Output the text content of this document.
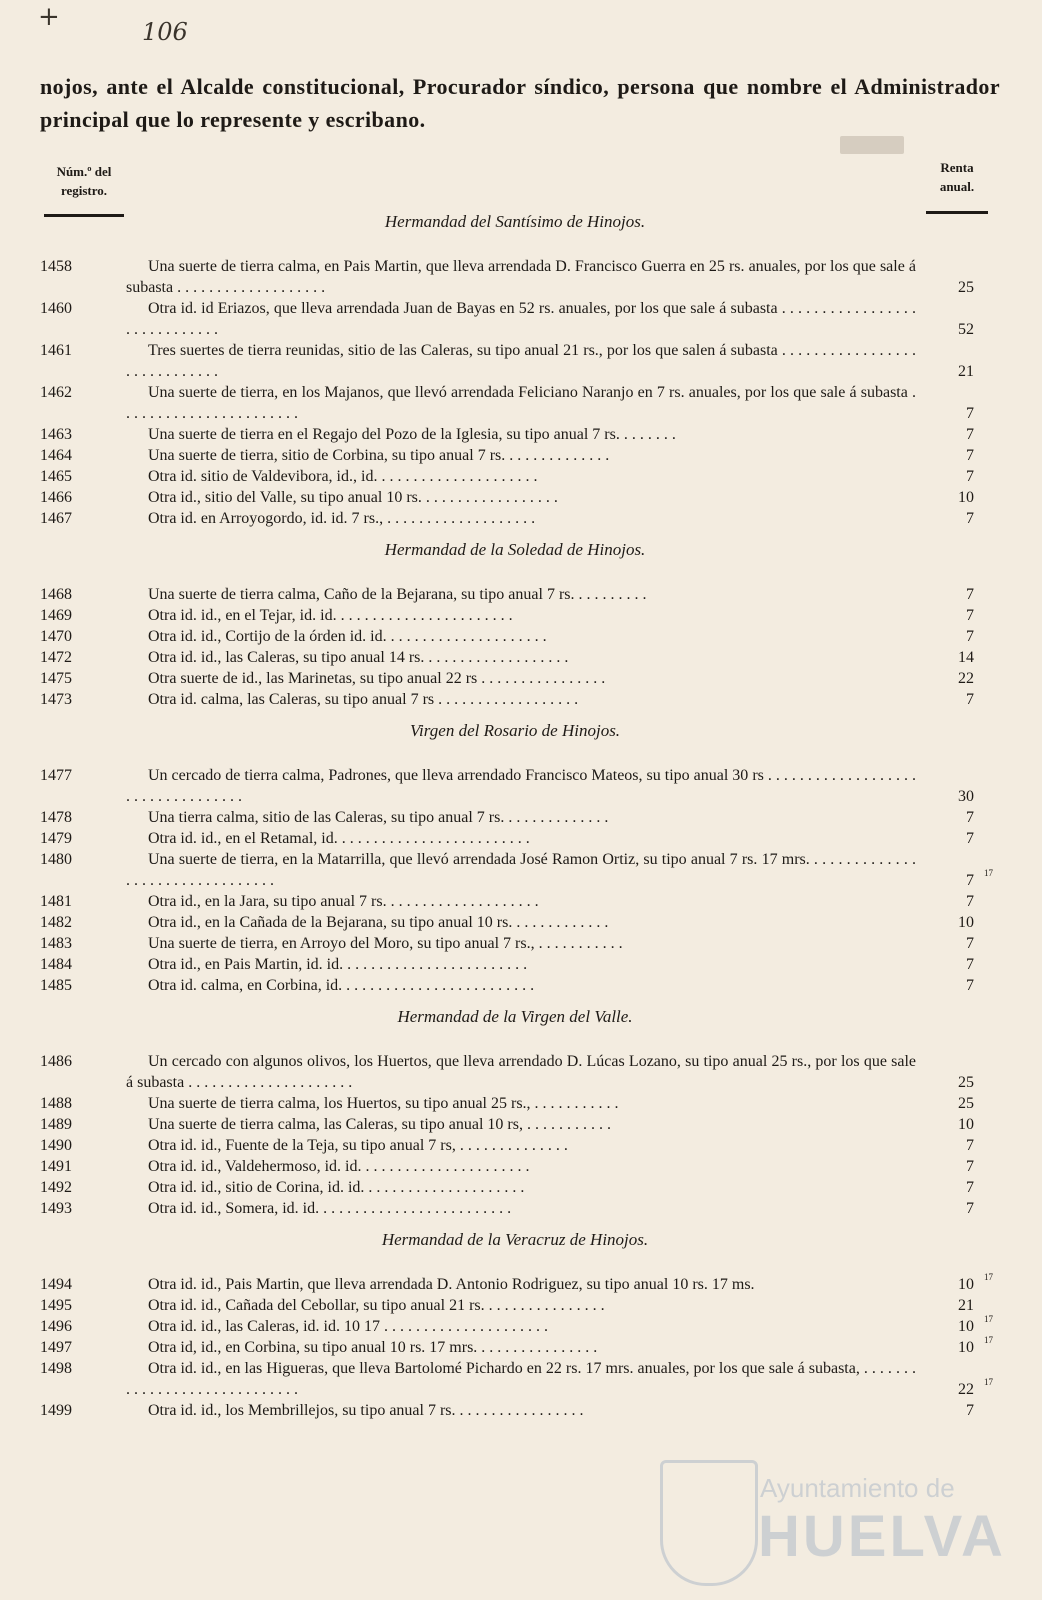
+	106
nojos, ante el Alcalde constitucional, Procurador síndico, persona que nombre el Administrador principal que lo represente y escribano.
Núm.º del registro.
Renta anual.
Hermandad del Santísimo de Hinojos.
1458	Una suerte de tierra calma, en Pais Martin, que lleva arrendada D. Francisco Guerra en 25 rs. anuales, por los que sale á subasta . . . . . . . . . . . . . . . . . . .	25
1460	Otra id. id Eriazos, que lleva arrendada Juan de Bayas en 52 rs. anuales, por los que sale á subasta . . . . . . . . . . . . . . . . . . . . . . . . . . . . .	52
1461	Tres suertes de tierra reunidas, sitio de las Caleras, su tipo anual 21 rs., por los que salen á subasta . . . . . . . . . . . . . . . . . . . . . . . . . . . . .	21
1462	Una suerte de tierra, en los Majanos, que llevó arrendada Feliciano Naranjo en 7 rs. anuales, por los que sale á subasta . . . . . . . . . . . . . . . . . . . . . . .	7
1463	Una suerte de tierra en el Regajo del Pozo de la Iglesia, su tipo anual 7 rs. . . . . . . .	7
1464	Una suerte de tierra, sitio de Corbina, su tipo anual 7 rs. . . . . . . . . . . . . .	7
1465	Otra id. sitio de Valdevibora, id., id. . . . . . . . . . . . . . . . . . . . .	7
1466	Otra id., sitio del Valle, su tipo anual 10 rs. . . . . . . . . . . . . . . . . .	10
1467	Otra id. en Arroyogordo, id. id. 7 rs., . . . . . . . . . . . . . . . . . . .	7
Hermandad de la Soledad de Hinojos.
1468	Una suerte de tierra calma, Caño de la Bejarana, su tipo anual 7 rs. . . . . . . . . .	7
1469	Otra id. id., en el Tejar, id. id. . . . . . . . . . . . . . . . . . . . . . .	7
1470	Otra id. id., Cortijo de la órden id. id. . . . . . . . . . . . . . . . . . . . .	7
1472	Otra id. id., las Caleras, su tipo anual 14 rs. . . . . . . . . . . . . . . . . . .	14
1475	Otra suerte de id., las Marinetas, su tipo anual 22 rs . . . . . . . . . . . . . . . .	22
1473	Otra id. calma, las Caleras, su tipo anual 7 rs . . . . . . . . . . . . . . . . . .	7
Virgen del Rosario de Hinojos.
1477	Un cercado de tierra calma, Padrones, que lleva arrendado Francisco Mateos, su tipo anual 30 rs . . . . . . . . . . . . . . . . . . . . . . . . . . . . . . . . . .	30
1478	Una tierra calma, sitio de las Caleras, su tipo anual 7 rs. . . . . . . . . . . . . .	7
1479	Otra id. id., en el Retamal, id. . . . . . . . . . . . . . . . . . . . . . . . .	7
1480	Una suerte de tierra, en la Matarrilla, que llevó arrendada José Ramon Ortiz, su tipo anual 7 rs. 17 mrs. . . . . . . . . . . . . . . . . . . . . . . . . . . . . . . . .	7 17
1481	Otra id., en la Jara, su tipo anual 7 rs. . . . . . . . . . . . . . . . . . . .	7
1482	Otra id., en la Cañada de la Bejarana, su tipo anual 10 rs. . . . . . . . . . . . .	10
1483	Una suerte de tierra, en Arroyo del Moro, su tipo anual 7 rs., . . . . . . . . . . .	7
1484	Otra id., en Pais Martin, id. id. . . . . . . . . . . . . . . . . . . . . . . .	7
1485	Otra id. calma, en Corbina, id. . . . . . . . . . . . . . . . . . . . . . . . .	7
Hermandad de la Virgen del Valle.
1486	Un cercado con algunos olivos, los Huertos, que lleva arrendado D. Lúcas Lozano, su tipo anual 25 rs., por los que sale á subasta . . . . . . . . . . . . . . . . . . . . .	25
1488	Una suerte de tierra calma, los Huertos, su tipo anual 25 rs., . . . . . . . . . . .	25
1489	Una suerte de tierra calma, las Caleras, su tipo anual 10 rs, . . . . . . . . . . .	10
1490	Otra id. id., Fuente de la Teja, su tipo anual 7 rs, . . . . . . . . . . . . . .	7
1491	Otra id. id., Valdehermoso, id. id. . . . . . . . . . . . . . . . . . . . . .	7
1492	Otra id. id., sitio de Corina, id. id. . . . . . . . . . . . . . . . . . . . .	7
1493	Otra id. id., Somera, id. id. . . . . . . . . . . . . . . . . . . . . . . . .	7
Hermandad de la Veracruz de Hinojos.
1494	Otra id. id., Pais Martin, que lleva arrendada D. Antonio Rodriguez, su tipo anual 10 rs. 17 ms.	10 17
1495	Otra id. id., Cañada del Cebollar, su tipo anual 21 rs. . . . . . . . . . . . . . . .	21
1496	Otra id. id., las Caleras, id. id. 10 17 . . . . . . . . . . . . . . . . . . . . .	10 17
1497	Otra id, id., en Corbina, su tipo anual 10 rs. 17 mrs. . . . . . . . . . . . . . . .	10 17
1498	Otra id. id., en las Higueras, que lleva Bartolomé Pichardo en 22 rs. 17 mrs. anuales, por los que sale á subasta, . . . . . . . . . . . . . . . . . . . . . . . . . . . . .	22 17
1499	Otra id. id., los Membrillejos, su tipo anual 7 rs. . . . . . . . . . . . . . . . .	7
Ayuntamiento de
HUELVA
